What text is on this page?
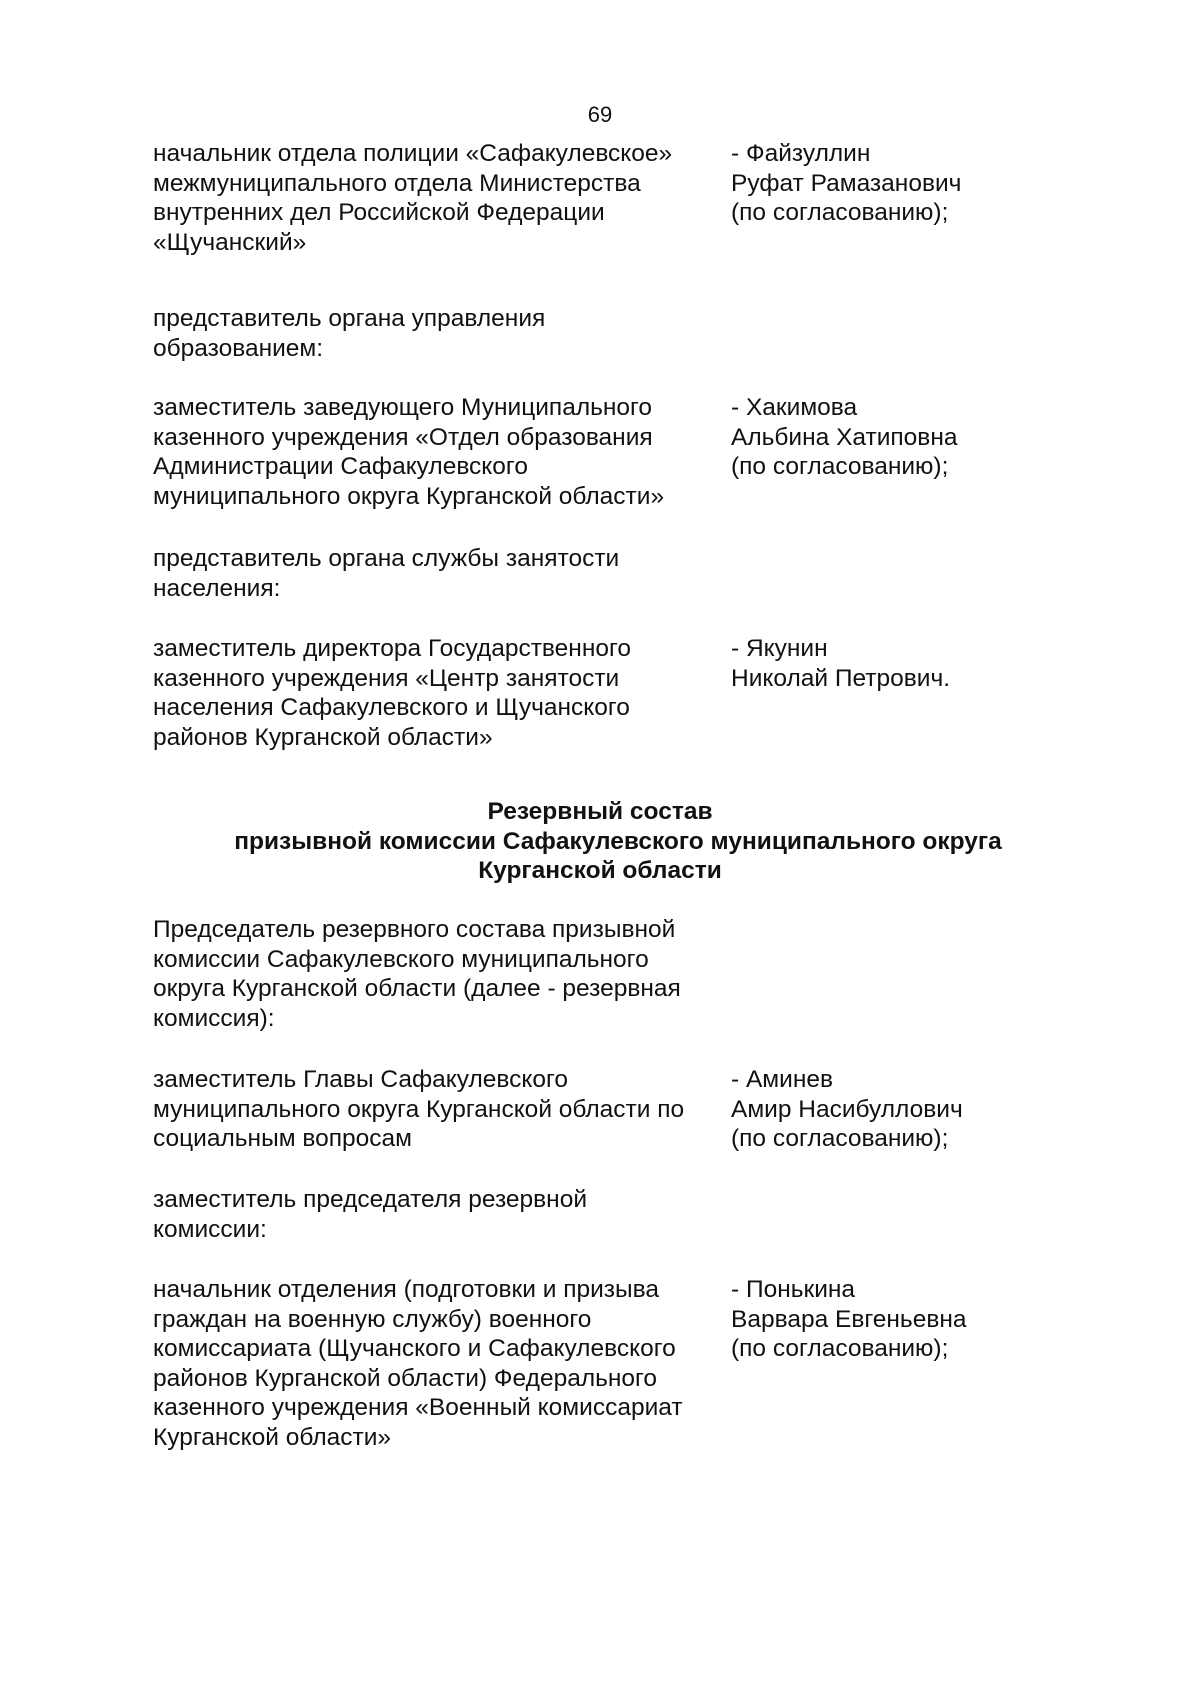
69
начальник отдела полиции «Сафакулевское»
межмуниципального отдела Министерства
внутренних дел Российской Федерации
«Щучанский»
- Файзуллин
Руфат Рамазанович
(по согласованию);
представитель органа управления
образованием:
заместитель заведующего Муниципального
казенного учреждения «Отдел образования
Администрации Сафакулевского
муниципального округа Курганской области»
- Хакимова
Альбина Хатиповна
(по согласованию);
представитель органа службы занятости
населения:
заместитель директора Государственного
казенного учреждения «Центр занятости
населения Сафакулевского и Щучанского
районов Курганской области»
- Якунин
Николай Петрович.
Резервный состав
призывной комиссии Сафакулевского муниципального округа
Курганской области
Председатель резервного состава призывной
комиссии Сафакулевского муниципального
округа Курганской области (далее - резервная
комиссия):
заместитель Главы Сафакулевского
муниципального округа Курганской области по
социальным вопросам
- Аминев
Амир Насибуллович
(по согласованию);
заместитель председателя резервной
комиссии:
начальник отделения (подготовки и призыва
граждан на военную службу) военного
комиссариата (Щучанского и Сафакулевского
районов Курганской области) Федерального
казенного учреждения «Военный комиссариат
Курганской области»
- Понькина
Варвара Евгеньевна
(по согласованию);
